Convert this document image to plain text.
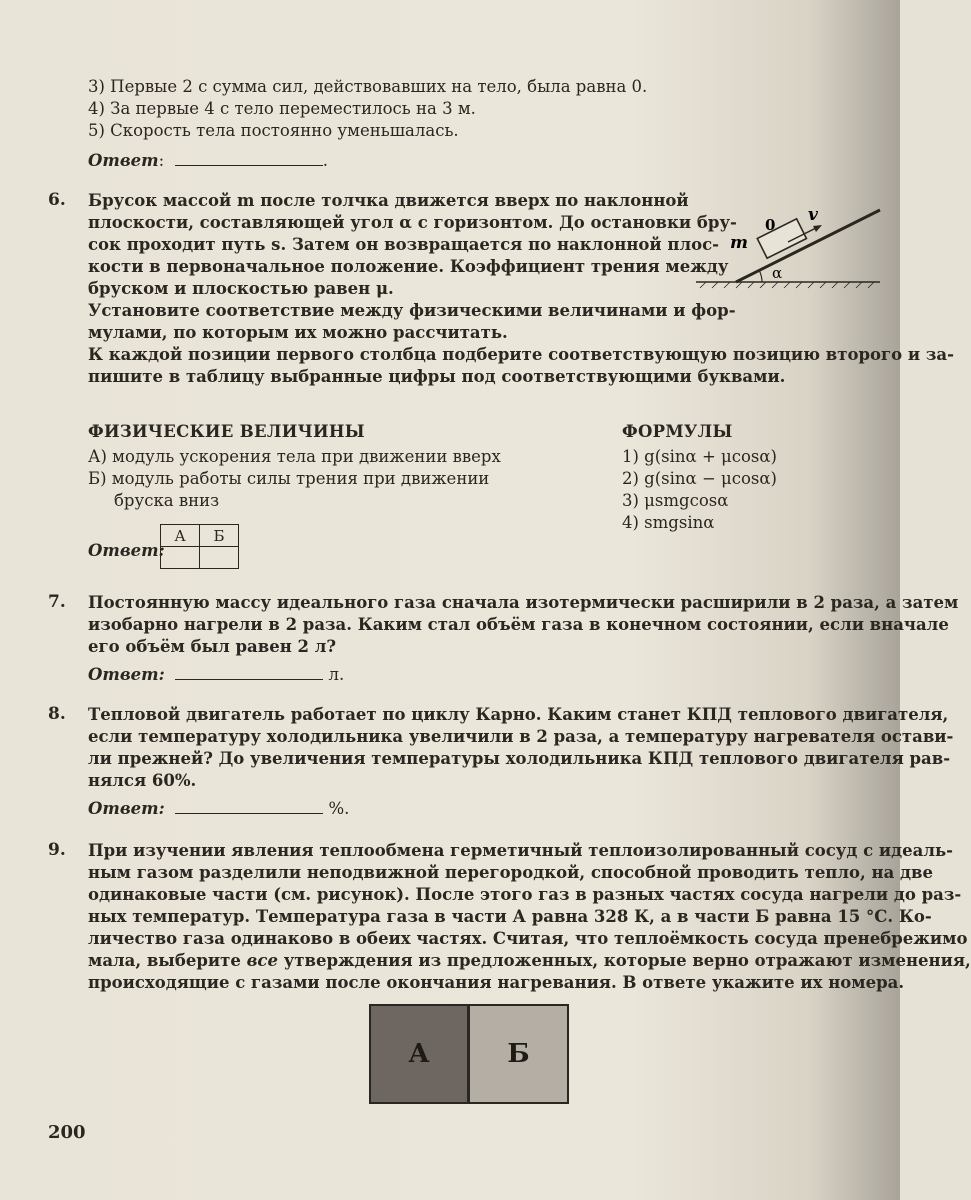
3) Первые 2 с сумма сил, действовавших на тело, была равна 0.
4) За первые 4 с тело переместилось на 3 м.
5) Скорость тела постоянно уменьшалась.
Ответ:	.
6. Брусок массой m после толчка движется вверх по наклонной
плоскости, составляющей угол α с горизонтом. До остановки бру-
сок проходит путь s. Затем он возвращается по наклонной плос-
кости в первоначальное положение. Коэффициент трения между
бруском и плоскостью равен μ.
m
0 v
α
Установите соответствие между физическими величинами и фор-
мулами, по которым их можно рассчитать.
К каждой позиции первого столбца подберите соответствующую позицию второго и за-
пишите в таблицу выбранные цифры под соответствующими буквами.
ФИЗИЧЕСКИЕ ВЕЛИЧИНЫ	ФОРМУЛЫ
А) модуль ускорения тела при движении вверх
Б) модуль работы силы трения при движении
бруска вниз
1) g(sinα + μcosα)
2) g(sinα − μcosα)
3) μsmgcosα
4) smgsinα
Ответ:
А	Б

7. Постоянную массу идеального газа сначала изотермически расширили в 2 раза, а затем
изобарно нагрели в 2 раза. Каким стал объём газа в конечном состоянии, если вначале
его объём был равен 2 л?
Ответ:	л.
8. Тепловой двигатель работает по циклу Карно. Каким станет КПД теплового двигателя,
если температуру холодильника увеличили в 2 раза, а температуру нагревателя остави-
ли прежней? До увеличения температуры холодильника КПД теплового двигателя рав-
нялся 60%.
Ответ:	%.
9. При изучении явления теплообмена герметичный теплоизолированный сосуд с идеаль-
ным газом разделили неподвижной перегородкой, способной проводить тепло, на две
одинаковые части (см. рисунок). После этого газ в разных частях сосуда нагрели до раз-
ных температур. Температура газа в части А равна 328 К, а в части Б равна 15 °С. Ко-
личество газа одинаково в обеих частях. Считая, что теплоёмкость сосуда пренебрежимо
мала, выберите все утверждения из предложенных, которые верно отражают изменения,
происходящие с газами после окончания нагревания. В ответе укажите их номера.
А	Б
200
